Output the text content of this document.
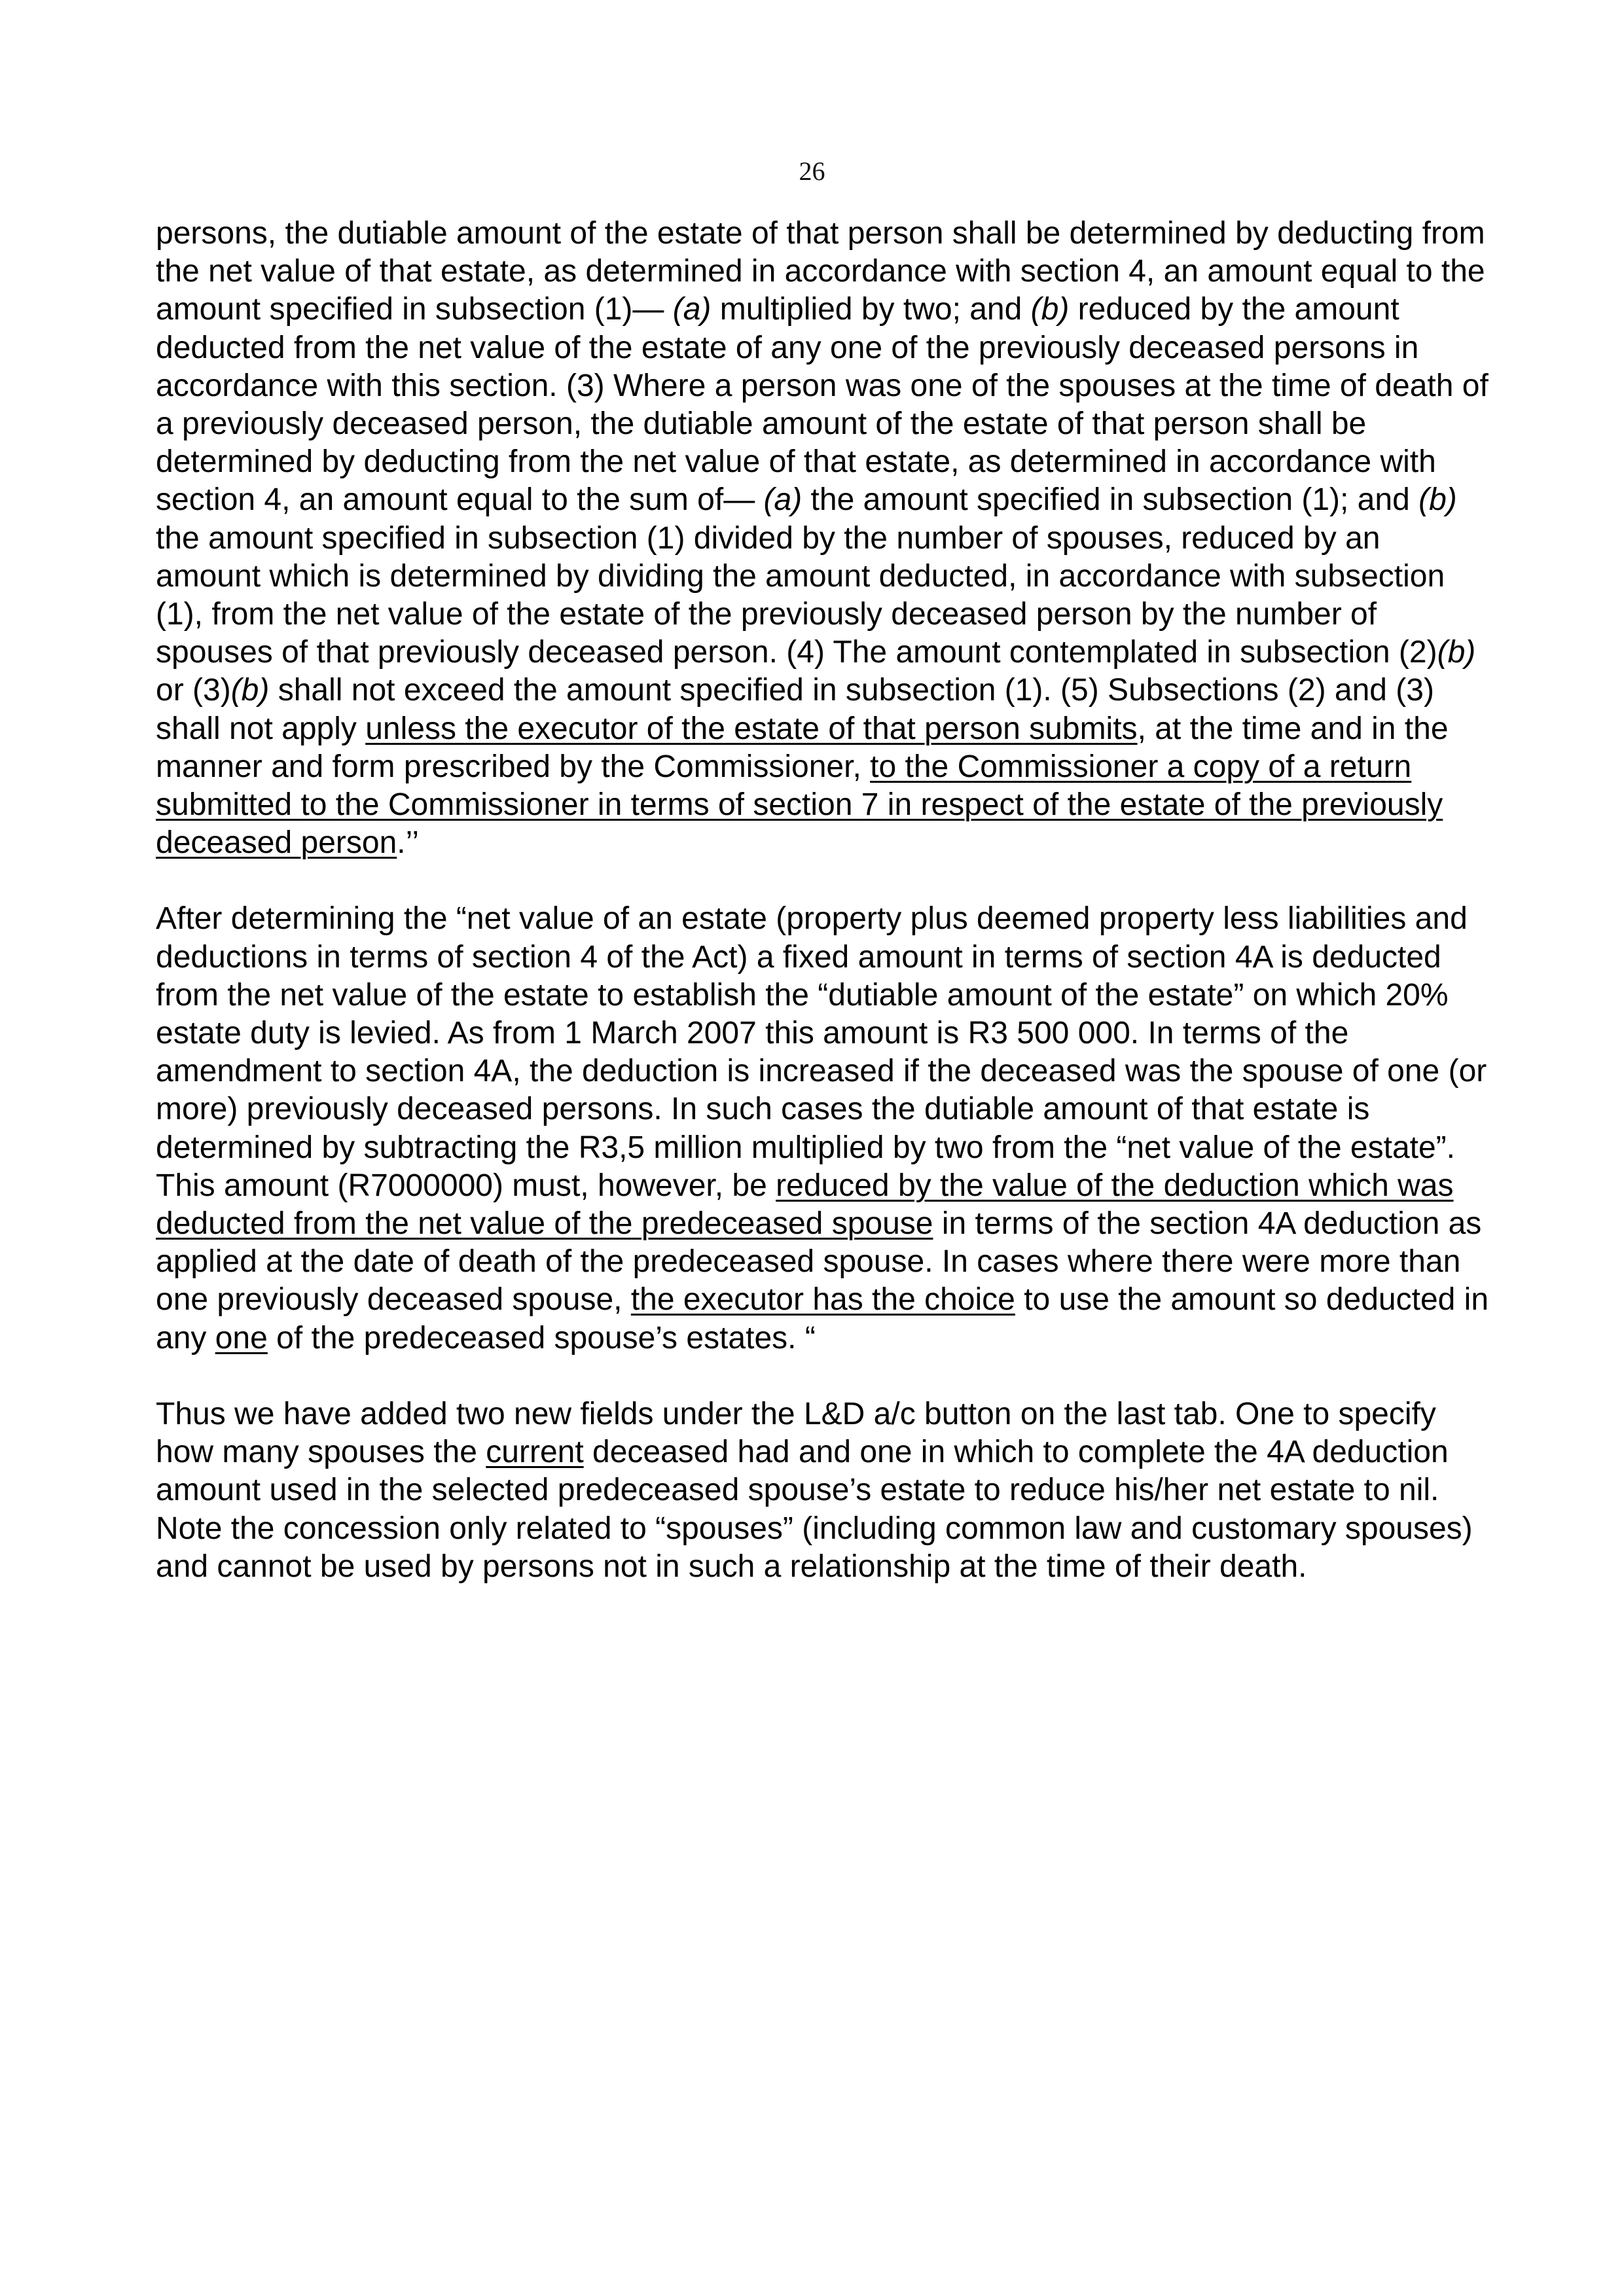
26

persons, the dutiable amount of the estate of that person shall be determined by deducting from the net value of that estate, as determined in accordance with section 4, an amount equal to the amount specified in subsection (1)— (a) multiplied by two; and (b) reduced by the amount deducted from the net value of the estate of any one of the previously deceased persons in accordance with this section. (3) Where a person was one of the spouses at the time of death of a previously deceased person, the dutiable amount of the estate of that person shall be determined by deducting from the net value of that estate, as determined in accordance with section 4, an amount equal to the sum of— (a) the amount specified in subsection (1); and (b) the amount specified in subsection (1) divided by the number of spouses, reduced by an amount which is determined by dividing the amount deducted, in accordance with subsection (1), from the net value of the estate of the previously deceased person by the number of spouses of that previously deceased person. (4) The amount contemplated in subsection (2)(b) or (3)(b) shall not exceed the amount specified in subsection (1). (5) Subsections (2) and (3) shall not apply unless the executor of the estate of that person submits, at the time and in the manner and form prescribed by the Commissioner, to the Commissioner a copy of a return submitted to the Commissioner in terms of section 7 in respect of the estate of the previously deceased person.’’

After determining the “net value of an estate (property plus deemed property less liabilities and deductions in terms of section 4 of the Act) a fixed amount in terms of section 4A is deducted from the net value of the estate to establish the “dutiable amount of the estate” on which 20% estate duty is levied. As from 1 March 2007 this amount is R3 500 000. In terms of the amendment to section 4A, the deduction is increased if the deceased was the spouse of one (or more) previously deceased persons. In such cases the dutiable amount of that estate is determined by subtracting the R3,5 million multiplied by two from the “net value of the estate”. This amount (R7000000) must, however, be reduced by the value of the deduction which was deducted from the net value of the predeceased spouse in terms of the section 4A deduction as applied at the date of death of the predeceased spouse. In cases where there were more than one previously deceased spouse, the executor has the choice to use the amount so deducted in any one of the predeceased spouse’s estates. “

Thus we have added two new fields under the L&D a/c button on the last tab. One to specify how many spouses the current deceased had and one in which to complete the 4A deduction amount used in the selected predeceased spouse’s estate to reduce his/her net estate to nil. Note the concession only related to “spouses” (including common law and customary spouses) and cannot be used by persons not in such a relationship at the time of their death.
